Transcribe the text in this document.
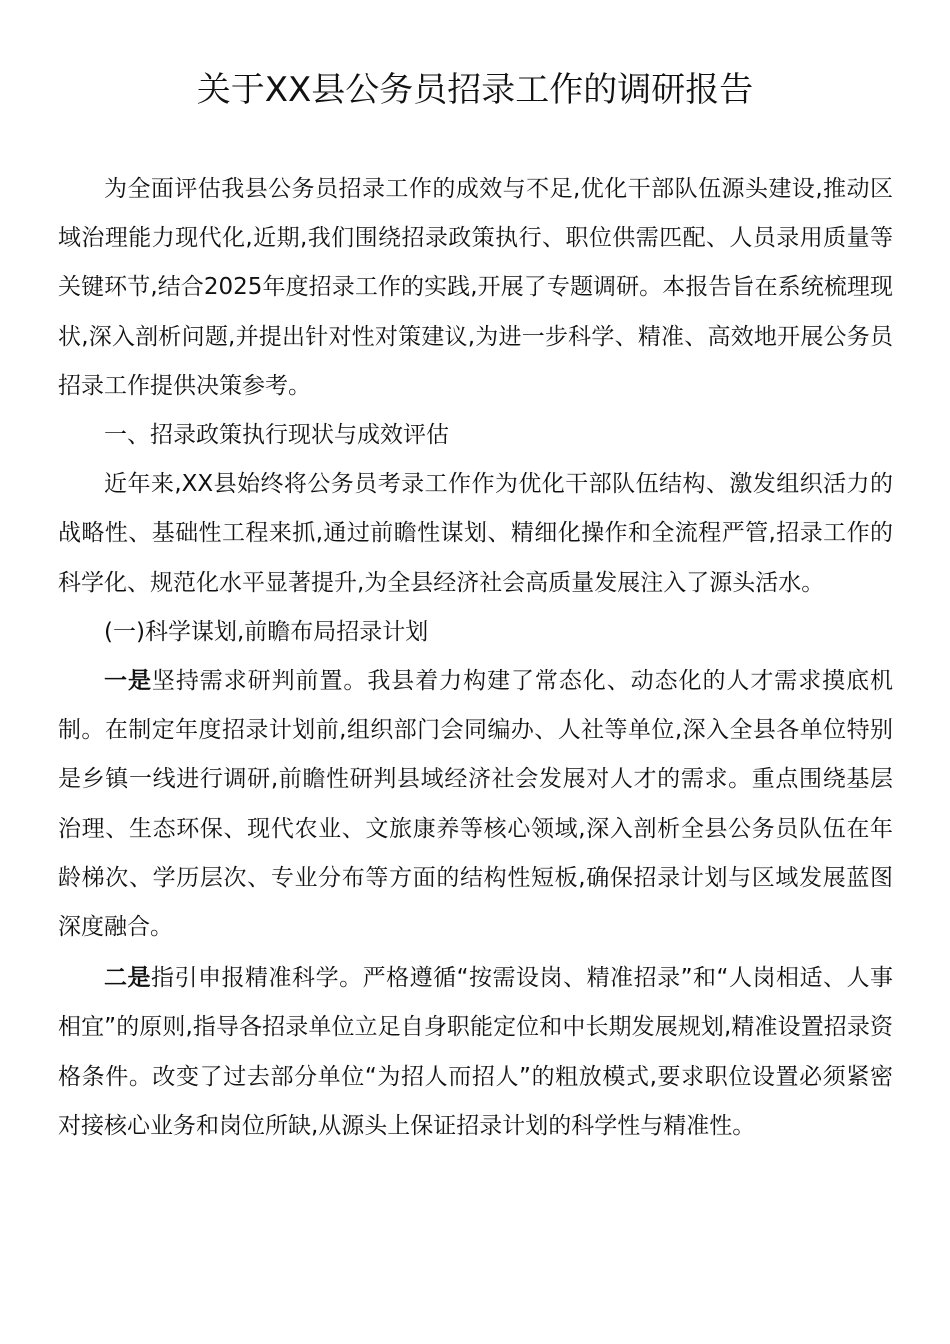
关于XX县公务员招录工作的调研报告

为全面评估我县公务员招录工作的成效与不足,优化干部队伍源头建设,推动区域治理能力现代化,近期,我们围绕招录政策执行、职位供需匹配、人员录用质量等关键环节,结合2025年度招录工作的实践,开展了专题调研。本报告旨在系统梳理现状,深入剖析问题,并提出针对性对策建议,为进一步科学、精准、高效地开展公务员招录工作提供决策参考。

一、招录政策执行现状与成效评估

近年来,XX县始终将公务员考录工作作为优化干部队伍结构、激发组织活力的战略性、基础性工程来抓,通过前瞻性谋划、精细化操作和全流程严管,招录工作的科学化、规范化水平显著提升,为全县经济社会高质量发展注入了源头活水。

(一)科学谋划,前瞻布局招录计划

一是坚持需求研判前置。我县着力构建了常态化、动态化的人才需求摸底机制。在制定年度招录计划前,组织部门会同编办、人社等单位,深入全县各单位特别是乡镇一线进行调研,前瞻性研判县域经济社会发展对人才的需求。重点围绕基层治理、生态环保、现代农业、文旅康养等核心领域,深入剖析全县公务员队伍在年龄梯次、学历层次、专业分布等方面的结构性短板,确保招录计划与区域发展蓝图深度融合。

二是指引申报精准科学。严格遵循“按需设岗、精准招录”和“人岗相适、人事相宜”的原则,指导各招录单位立足自身职能定位和中长期发展规划,精准设置招录资格条件。改变了过去部分单位“为招人而招人”的粗放模式,要求职位设置必须紧密对接核心业务和岗位所缺,从源头上保证招录计划的科学性与精准性。
